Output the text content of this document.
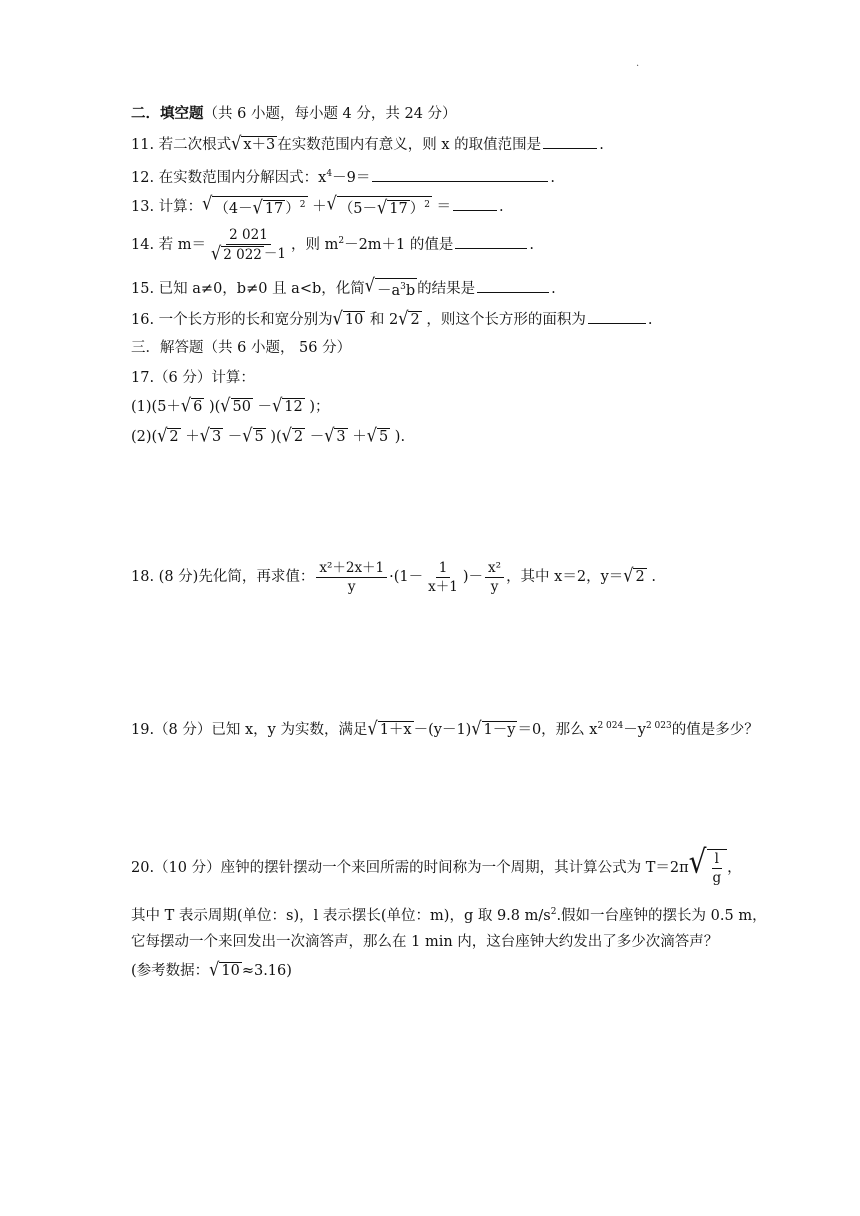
.
二．填空题（共 6 小题，每小题 4 分，共 24 分）
11. 若二次根式 √ x＋3 在实数范围内有意义，则 x 的取值范围是	.
12. 在实数范围内分解因式：$x^4-9=$	.
13. 计算： √ （4－ √ 17 ）$^2$ ＋ √ （5－ √ 17 ）$^2$ ＝	.
14. 若 $m= \frac{2 021}{√ 2 022 -1}$ ，则 $m^2-2m+1$ 的值是	.
15. 已知 a≠0，b≠0 且 a<b，化简 √ $-a^3b$ 的结果是	.
16. 一个长方形的长和宽分别为 √ 10 和 2 √ 2 ，则这个长方形的面积为	.
三．解答题（共 6 小题， 56 分）
17.（6 分）计算：
(1)(5＋ √ 6 )( √ 50 － √ 12 )；
(2)( √ 2 ＋ √ 3 － √ 5 )( √ 2 － √ 3 ＋ √ 5 ).
18. (8 分)先化简，再求值： $\frac{\text{x²＋2x＋1}}{y} \cdot(1- \frac{1}{x+1}$ )－ $\frac{\text{x²}}{y}$ ，其中 x＝2，y＝ √ 2 .
19.（8 分）已知 x，y 为实数，满足 √ 1＋x －(y－1) √ 1－y ＝0，那么 $x^{2 024}-y^{2 023}$的值是多少？
20.（10 分）座钟的摆针摆动一个来回所需的时间称为一个周期，其计算公式为 T＝2π √ $\frac{l}{g}$ ，
其中 T 表示周期(单位：s)，l 表示摆长(单位：m)，g 取 9.8 $m/s^2$.假如一台座钟的摆长为 0.5 m，
它每摆动一个来回发出一次滴答声，那么在 1 min 内，这台座钟大约发出了多少次滴答声？
(参考数据： √ 10 ≈3.16)
